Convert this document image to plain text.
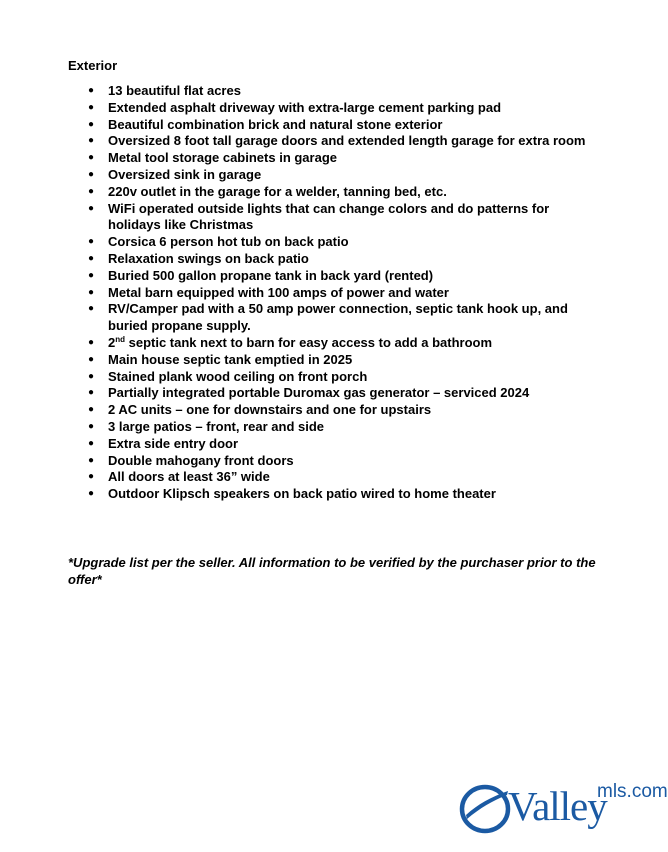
Exterior
● 13 beautiful flat acres
● Extended asphalt driveway with extra-large cement parking pad
● Beautiful combination brick and natural stone exterior
● Oversized 8 foot tall garage doors and extended length garage for extra room
● Metal tool storage cabinets in garage
● Oversized sink in garage
● 220v outlet in the garage for a welder, tanning bed, etc.
● WiFi operated outside lights that can change colors and do patterns for holidays like Christmas
● Corsica 6 person hot tub on back patio
● Relaxation swings on back patio
● Buried 500 gallon propane tank in back yard (rented)
● Metal barn equipped with 100 amps of power and water
● RV/Camper pad with a 50 amp power connection, septic tank hook up, and buried propane supply.
● 2nd septic tank next to barn for easy access to add a bathroom
● Main house septic tank emptied in 2025
● Stained plank wood ceiling on front porch
● Partially integrated portable Duromax gas generator – serviced 2024
● 2 AC units – one for downstairs and one for upstairs
● 3 large patios – front, rear and side
● Extra side entry door
● Double mahogany front doors
● All doors at least 36” wide
● Outdoor Klipsch speakers on back patio wired to home theater
*Upgrade list per the seller. All information to be verified by the purchaser prior to the offer*
Valley
mls.com
